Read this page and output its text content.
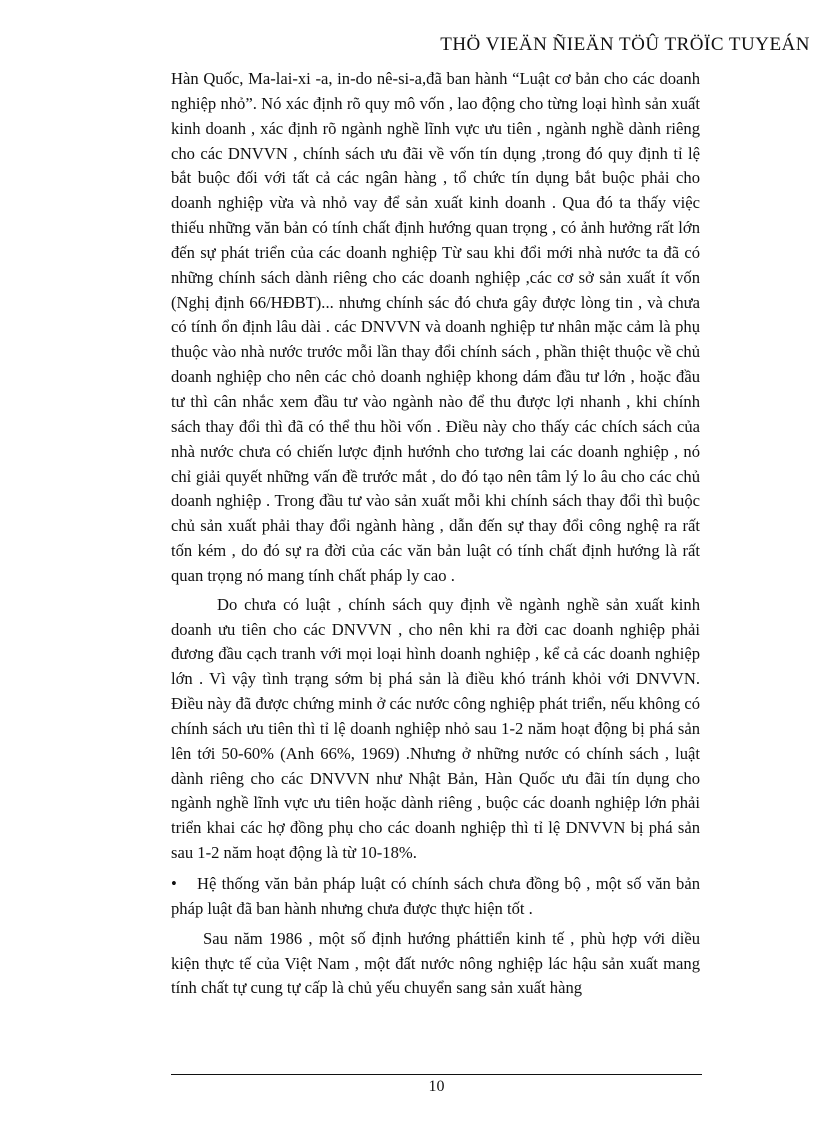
THÖ VIEÄN ÑIEÄN TÖÛ TRÖÏC TUYEÁN

Hàn Quốc, Ma-lai-xi -a, in-do nê-si-a,đã ban hành “Luật cơ bản cho các doanh nghiệp nhỏ”. Nó xác định rõ quy mô vốn , lao động cho từng loại hình sản xuất kinh doanh , xác định rõ ngành nghề lĩnh vực ưu tiên , ngành nghề dành riêng cho các DNVVN , chính sách ưu đãi về vốn tín dụng ,trong đó quy định tỉ lệ bắt buộc đối với tất cả các ngân hàng , tổ chức tín dụng bắt buộc phải cho doanh nghiệp vừa và nhỏ vay để sản xuất kinh doanh . Qua đó ta thấy việc thiếu những văn bản có tính chất định hướng quan trọng , có ảnh hưởng rất lớn đến sự phát triển của các doanh nghiệp Từ sau khi đổi mới nhà nước ta đã có những chính sách dành riêng cho các doanh nghiệp ,các cơ sở sản xuất ít vốn (Nghị định 66/HĐBT)... nhưng chính sác đó chưa gây được lòng tin , và chưa có tính ổn định lâu dài . các DNVVN và doanh nghiệp tư nhân mặc cảm là phụ thuộc vào nhà nước trước mỗi lần thay đổi chính sách , phần thiệt thuộc về chủ doanh nghiệp cho nên các chỏ doanh nghiệp khong dám đầu tư lớn , hoặc đầu tư thì cân nhắc xem đầu tư vào ngành nào để thu được lợi nhanh , khi chính sách thay đổi thì đã có thể thu hồi vốn . Điều này cho thấy các chích sách của nhà nước chưa có chiến lược định hướnh cho tương lai các doanh nghiệp , nó chỉ giải quyết những vấn đề trước mắt , do đó tạo nên tâm lý lo âu cho các chủ doanh nghiệp . Trong đầu tư vào sản xuất mỗi khi chính sách thay đổi thì buộc chủ sản xuất phải thay đổi ngành hàng , dẫn đến sự thay đổi công nghệ ra rất tốn kém , do đó sự ra đời của các văn bản luật có tính chất định hướng là rất quan trọng nó mang tính chất pháp ly cao .

Do chưa có luật , chính sách quy định về ngành nghề sản xuất kinh doanh ưu tiên cho các DNVVN , cho nên khi ra đời cac doanh nghiệp phải đương đầu cạch tranh với mọi loại hình doanh nghiệp , kể cả các doanh nghiệp lớn . Vì vậy tình trạng sớm bị phá sản là điều khó tránh khỏi với DNVVN. Điều này đã được chứng minh ở các nước công nghiệp phát triển, nếu không có chính sách ưu tiên thì tỉ lệ doanh nghiệp nhỏ sau 1-2 năm hoạt động bị phá sản lên tới 50-60% (Anh 66%, 1969) .Nhưng ở những nước có chính sách , luật dành riêng cho các DNVVN như Nhật Bản, Hàn Quốc ưu đãi tín dụng cho ngành nghề lĩnh vực ưu tiên hoặc dành riêng , buộc các doanh nghiệp lớn phải triển khai các hợ đồng phụ cho các doanh nghiệp thì tỉ lệ DNVVN bị phá sản sau 1-2 năm hoạt động là từ 10-18%.

• Hệ thống văn bản pháp luật có chính sách chưa đồng bộ , một số văn bản pháp luật đã ban hành nhưng chưa được thực hiện tốt .

Sau năm 1986 , một số định hướng pháttiển kinh tế , phù hợp với diều kiện thực tế của Việt Nam , một đất nước nông nghiệp lác hậu sản xuất mang tính chất tự cung tự cấp là chủ yếu chuyển sang sản xuất hàng

10
